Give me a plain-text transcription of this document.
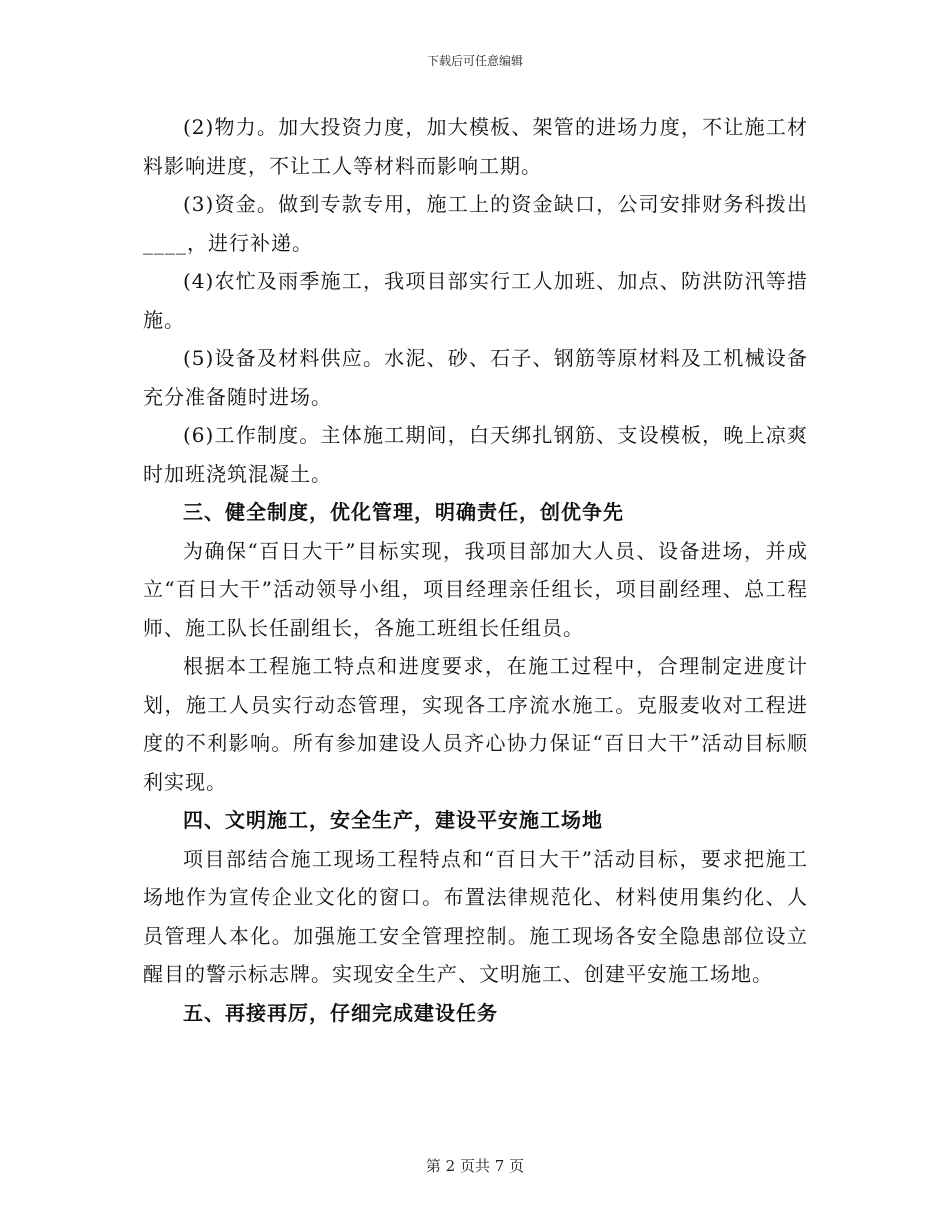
下载后可任意编辑

(2)物力。加大投资力度，加大模板、架管的进场力度，不让施工材料影响进度，不让工人等材料而影响工期。

(3)资金。做到专款专用，施工上的资金缺口，公司安排财务科拨出____，进行补递。

(4)农忙及雨季施工，我项目部实行工人加班、加点、防洪防汛等措施。

(5)设备及材料供应。水泥、砂、石子、钢筋等原材料及工机械设备充分准备随时进场。

(6)工作制度。主体施工期间，白天绑扎钢筋、支设模板，晚上凉爽时加班浇筑混凝土。

三、健全制度，优化管理，明确责任，创优争先

为确保“百日大干”目标实现，我项目部加大人员、设备进场，并成立“百日大干”活动领导小组，项目经理亲任组长，项目副经理、总工程师、施工队长任副组长，各施工班组长任组员。

根据本工程施工特点和进度要求，在施工过程中，合理制定进度计划，施工人员实行动态管理，实现各工序流水施工。克服麦收对工程进度的不利影响。所有参加建设人员齐心协力保证“百日大干”活动目标顺利实现。

四、文明施工，安全生产，建设平安施工场地

项目部结合施工现场工程特点和“百日大干”活动目标，要求把施工场地作为宣传企业文化的窗口。布置法律规范化、材料使用集约化、人员管理人本化。加强施工安全管理控制。施工现场各安全隐患部位设立醒目的警示标志牌。实现安全生产、文明施工、创建平安施工场地。

五、再接再厉，仔细完成建设任务

第 2 页共 7 页
